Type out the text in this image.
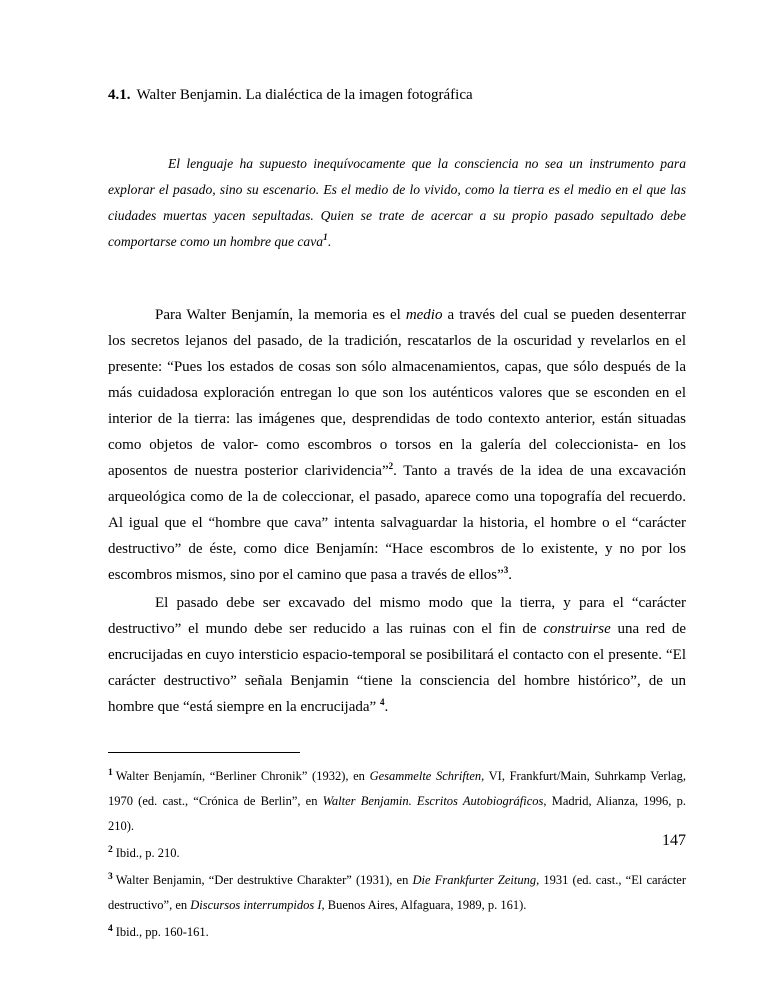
4.1. Walter Benjamin. La dialéctica de la imagen fotográfica

El lenguaje ha supuesto inequívocamente que la consciencia no sea un instrumento para explorar el pasado, sino su escenario. Es el medio de lo vivido, como la tierra es el medio en el que las ciudades muertas yacen sepultadas. Quien se trate de acercar a su propio pasado sepultado debe comportarse como un hombre que cava$^1$.

Para Walter Benjamín, la memoria es el medio a través del cual se pueden desenterrar los secretos lejanos del pasado, de la tradición, rescatarlos de la oscuridad y revelarlos en el presente: “Pues los estados de cosas son sólo almacenamientos, capas, que sólo después de la más cuidadosa exploración entregan lo que son los auténticos valores que se esconden en el interior de la tierra: las imágenes que, desprendidas de todo contexto anterior, están situadas como objetos de valor- como escombros o torsos en la galería del coleccionista- en los aposentos de nuestra posterior clarividencia”$^2$. Tanto a través de la idea de una excavación arqueológica como de la de coleccionar, el pasado, aparece como una topografía del recuerdo. Al igual que el “hombre que cava” intenta salvaguardar la historia, el hombre o el “carácter destructivo” de éste, como dice Benjamín: “Hace escombros de lo existente, y no por los escombros mismos, sino por el camino que pasa a través de ellos”$^3$.

El pasado debe ser excavado del mismo modo que la tierra, y para el “carácter destructivo” el mundo debe ser reducido a las ruinas con el fin de construirse una red de encrucijadas en cuyo intersticio espacio-temporal se posibilitará el contacto con el presente. “El carácter destructivo” señala Benjamin “tiene la consciencia del hombre histórico”, de un hombre que “está siempre en la encrucijada” $^4$.

$^1$ Walter Benjamín, “Berliner Chronik” (1932), en Gesammelte Schriften, VI, Frankfurt/Main, Suhrkamp Verlag, 1970 (ed. cast., “Crónica de Berlin”, en Walter Benjamin. Escritos Autobiográficos, Madrid, Alianza, 1996, p. 210).

$^2$ Ibid., p. 210.

$^3$ Walter Benjamin, “Der destruktive Charakter” (1931), en Die Frankfurter Zeitung, 1931 (ed. cast., “El carácter destructivo”, en Discursos interrumpidos I, Buenos Aires, Alfaguara, 1989, p. 161).

$^4$ Ibid., pp. 160-161.

147
